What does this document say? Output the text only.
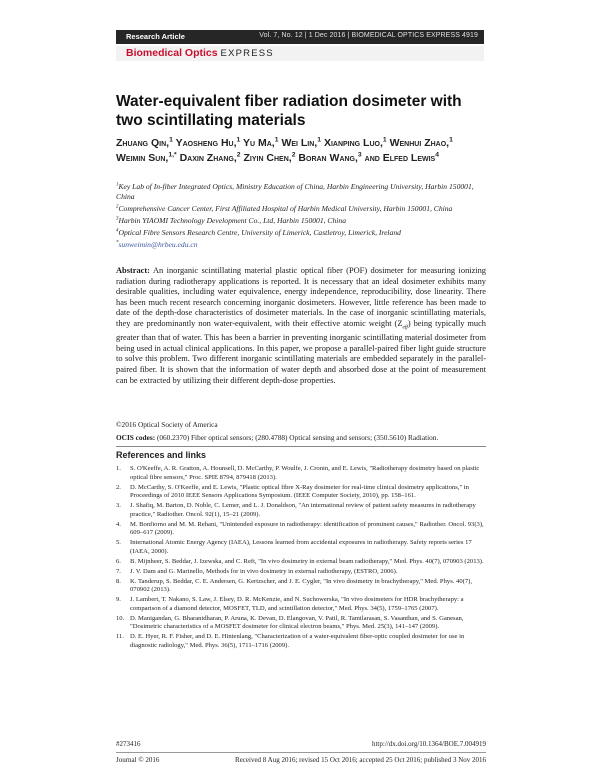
Research Article	Vol. 7, No. 12 | 1 Dec 2016 | BIOMEDICAL OPTICS EXPRESS 4919
Biomedical Optics EXPRESS
Water-equivalent fiber radiation dosimeter with two scintillating materials
Zhuang Qin,$^1$ Yaosheng Hu,$^1$ Yu Ma,$^1$ Wei Lin,$^1$ Xianping Luo,$^1$ Wenhui Zhao,$^1$ Weimin Sun,$^{1,*}$ Daxin Zhang,$^2$ Ziyin Chen,$^2$ Boran Wang,$^3$ and Elfed Lewis$^4$
$^1$Key Lab of In-fiber Integrated Optics, Ministry Education of China, Harbin Engineering University, Harbin 150001, China
$^2$Comprehensive Cancer Center, First Affiliated Hospital of Harbin Medical University, Harbin 150001, China
$^3$Harbin YIAOMI Technology Development Co., Ltd, Harbin 150001, China
$^4$Optical Fibre Sensors Research Centre, University of Limerick, Castletroy, Limerick, Ireland
*sunweimin@hrbeu.edu.cn
Abstract: An inorganic scintillating material plastic optical fiber (POF) dosimeter for measuring ionizing radiation during radiotherapy applications is reported. It is necessary that an ideal dosimeter exhibits many desirable qualities, including water equivalence, energy independence, reproducibility, dose linearity. There has been much recent research concerning inorganic dosimeters. However, little reference has been made to date of the depth-dose characteristics of dosimeter materials. In the case of inorganic scintillating materials, they are predominantly non water-equivalent, with their effective atomic weight $(Z_{eff})$ being typically much greater than that of water. This has been a barrier in preventing inorganic scintillating material dosimeter from being used in actual clinical applications. In this paper, we propose a parallel-paired fiber light guide structure to solve this problem. Two different inorganic scintillating materials are embedded separately in the parallel-paired fiber. It is shown that the information of water depth and absorbed dose at the point of measurement can be extracted by utilizing their different depth-dose properties.
©2016 Optical Society of America
OCIS codes: (060.2370) Fiber optical sensors; (280.4788) Optical sensing and sensors; (350.5610) Radiation.
References and links
1.	S. O'Keeffe, A. R. Gratton, A. Hounsell, D. McCarthy, P. Woulfe, J. Cronin, and E. Lewis, "Radiotherapy dosimetry based on plastic optical fibre sensors," Proc. SPIE 8794, 879418 (2013).
2.	D. McCarthy, S. O'Keeffe, and E. Lewis, "Plastic optical fibre X-Ray dosimeter for real-time clinical dosimetry applications," in Proceedings of 2010 IEEE Sensors Applications Symposium. (IEEE Computer Society, 2010), pp. 158–161.
3.	J. Shafiq, M. Barton, D. Noble, C. Lemer, and L. J. Donaldson, "An international review of patient safety measures in radiotherapy practice," Radiother. Oncol. 92(1), 15–21 (2009).
4.	M. Bonfiorno and M. M. Rehani, "Unintended exposure in radiotherapy: identification of prominent causes," Radiother. Oncol. 93(3), 609–617 (2009).
5.	International Atomic Energy Agency (IAEA), Lessons learned from accidental exposures in radiotherapy. Safety reports series 17 (IAEA, 2000).
6.	B. Mijnheer, S. Beddar, J. Izewska, and C. Reft, "In vivo dosimetry in external beam radiotherapy," Med. Phys. 40(7), 070903 (2013).
7.	J. V. Dam and G. Marinello, Methods for in vivo dosimetry in external radiotherapy, (ESTRO, 2006).
8.	K. Tanderup, S. Beddar, C. E. Andersen, G. Kertzscher, and J. E. Cygler, "In vivo dosimetry in brachytherapy," Med. Phys. 40(7), 070902 (2013).
9.	J. Lambert, T. Nakano, S. Law, J. Elsey, D. R. McKenzie, and N. Suchowerska, "In vivo dosimeters for HDR brachytherapy: a comparison of a diamond detector, MOSFET, TLD, and scintillation detector," Med. Phys. 34(5), 1759–1765 (2007).
10. D. Manigandan, G. Bharanidharan, P. Aruna, K. Devan, D. Elangovan, V. Patil, R. Tamilarasan, S. Vasanthan, and S. Ganesan, "Dosimetric characteristics of a MOSFET dosimeter for clinical electron beams," Phys. Med. 25(3), 141–147 (2009).
11. D. E. Hyer, R. F. Fisher, and D. E. Hintenlang, "Characterization of a water-equivalent fiber-optic coupled dosimeter for use in diagnostic radiology," Med. Phys. 36(5), 1711–1716 (2009).
#273416	http://dx.doi.org/10.1364/BOE.7.004919
Journal © 2016	Received 8 Aug 2016; revised 15 Oct 2016; accepted 25 Oct 2016; published 3 Nov 2016
